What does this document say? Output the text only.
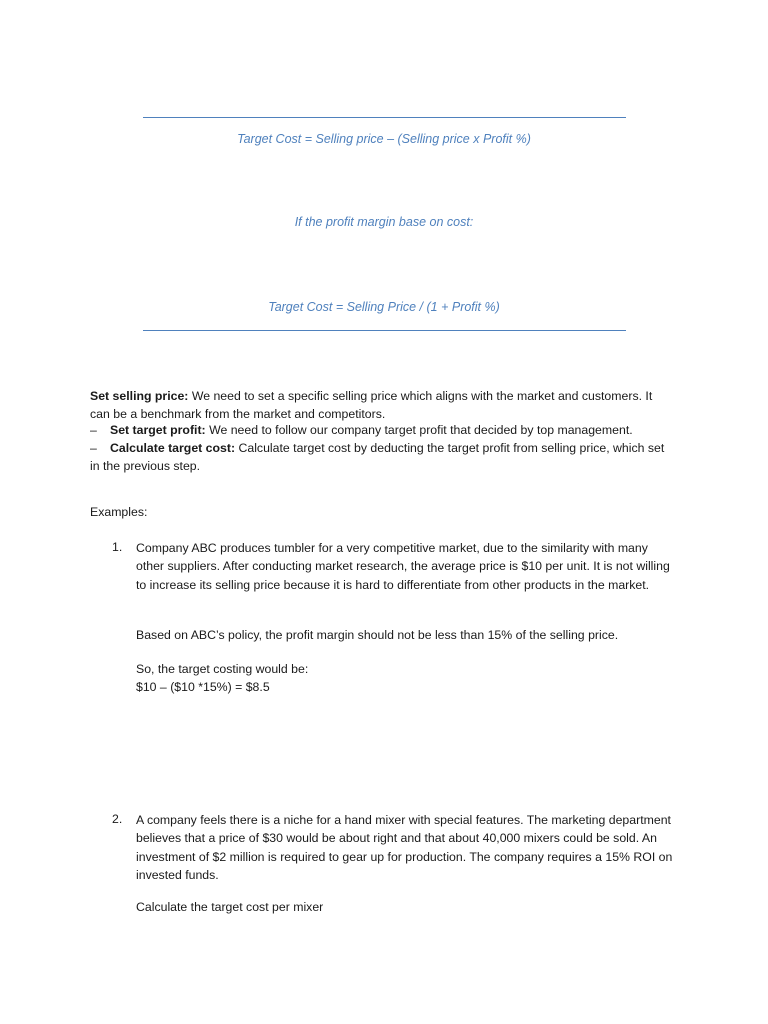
Target Cost = Selling price – (Selling price x Profit %)
If the profit margin base on cost:
Target Cost = Selling Price / (1 + Profit %)
Set selling price: We need to set a specific selling price which aligns with the market and customers. It can be a benchmark from the market and competitors.
– Set target profit: We need to follow our company target profit that decided by top management.
– Calculate target cost: Calculate target cost by deducting the target profit from selling price, which set in the previous step.
Examples:
1. Company ABC produces tumbler for a very competitive market, due to the similarity with many other suppliers. After conducting market research, the average price is $10 per unit. It is not willing to increase its selling price because it is hard to differentiate from other products in the market.
Based on ABC’s policy, the profit margin should not be less than 15% of the selling price.
So, the target costing would be:
$10 – ($10 *15%) = $8.5
2. A company feels there is a niche for a hand mixer with special features. The marketing department believes that a price of $30 would be about right and that about 40,000 mixers could be sold. An investment of $2 million is required to gear up for production. The company requires a 15% ROI on invested funds.
Calculate the target cost per mixer
